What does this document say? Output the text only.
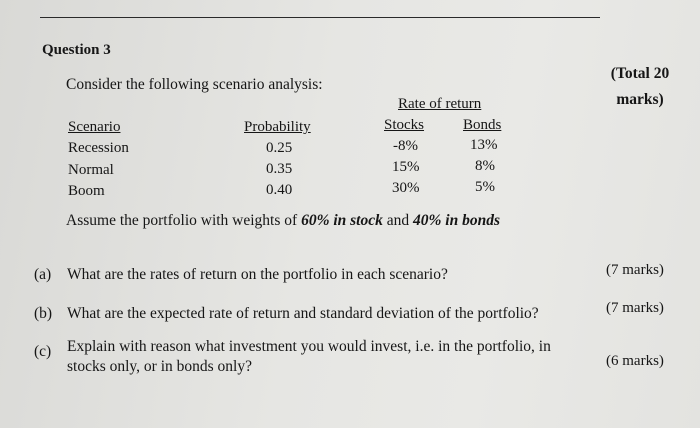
Question 3
Consider the following scenario analysis:
(Total 20
marks)
Rate of return
Scenario	Probability	Stocks	Bonds
Recession	0.25	-8%	13%
Normal	0.35	15%	8%
Boom	0.40	30%	5%
Assume the portfolio with weights of 60% in stock and 40% in bonds
(a) What are the rates of return on the portfolio in each scenario?	(7 marks)
(b) What are the expected rate of return and standard deviation of the portfolio?	(7 marks)
(c) Explain with reason what investment you would invest, i.e. in the portfolio, in
stocks only, or in bonds only?	(6 marks)
